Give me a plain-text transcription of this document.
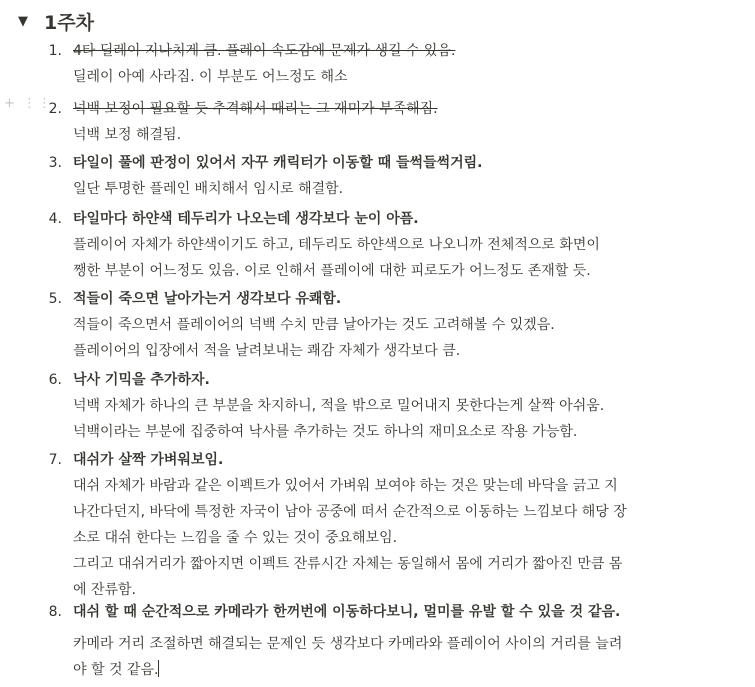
▼ 1주차
+ ⋮⋮
1. 4타 딜레이 지나치게 큼. 플레이 속도감에 문제가 생길 수 있음.
딜레이 아예 사라짐. 이 부분도 어느정도 해소
2. 넉백 보정이 필요할 듯 추격해서 때리는 그 재미가 부족해짐.
넉백 보정 해결됨.
3. 타일이 풀에 판정이 있어서 자꾸 캐릭터가 이동할 때 들썩들썩거림.
일단 투명한 플레인 배치해서 임시로 해결함.
4. 타일마다 하얀색 테두리가 나오는데 생각보다 눈이 아픔.
플레이어 자체가 하얀색이기도 하고, 테두리도 하얀색으로 나오니까 전체적으로 화면이
쨍한 부분이 어느정도 있음. 이로 인해서 플레이에 대한 피로도가 어느정도 존재할 듯.
5. 적들이 죽으면 날아가는거 생각보다 유쾌함.
적들이 죽으면서 플레이어의 넉백 수치 만큼 날아가는 것도 고려해볼 수 있겠음.
플레이어의 입장에서 적을 날려보내는 쾌감 자체가 생각보다 큼.
6. 낙사 기믹을 추가하자.
넉백 자체가 하나의 큰 부분을 차지하니, 적을 밖으로 밀어내지 못한다는게 살짝 아쉬움.
넉백이라는 부분에 집중하여 낙사를 추가하는 것도 하나의 재미요소로 작용 가능함.
7. 대쉬가 살짝 가벼워보임.
대쉬 자체가 바람과 같은 이펙트가 있어서 가벼워 보여야 하는 것은 맞는데 바닥을 긁고 지
나간다던지, 바닥에 특정한 자국이 남아 공중에 떠서 순간적으로 이동하는 느낌보다 해당 장
소로 대쉬 한다는 느낌을 줄 수 있는 것이 중요해보임.
그리고 대쉬거리가 짧아지면 이펙트 잔류시간 자체는 동일해서 몸에 거리가 짧아진 만큼 몸
에 잔류함.
8. 대쉬 할 때 순간적으로 카메라가 한꺼번에 이동하다보니, 멀미를 유발 할 수 있을 것 같음.
카메라 거리 조절하면 해결되는 문제인 듯 생각보다 카메라와 플레이어 사이의 거리를 늘려
야 할 것 같음.
